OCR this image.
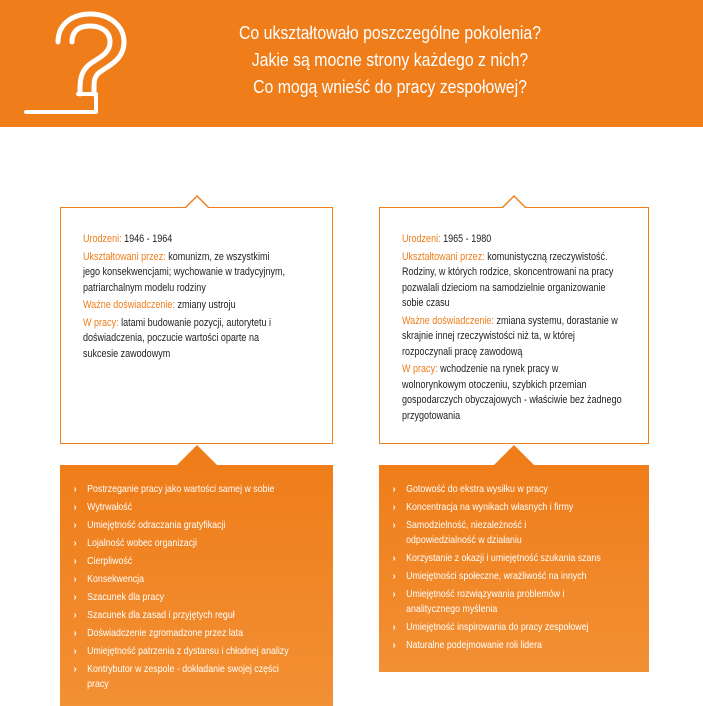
Co ukształtowało poszczególne pokolenia?
Jakie są mocne strony każdego z nich?
Co mogą wnieść do pracy zespołowej?
Urodzeni: 1946 - 1964
Ukształtowani przez: komunizm, ze wszystkimi jego konsekwencjami; wychowanie w tradycyjnym, patriarchalnym modelu rodziny
Ważne doświadczenie: zmiany ustroju
W pracy: latami budowanie pozycji, autorytetu i doświadczenia, poczucie wartości oparte na sukcesie zawodowym
Urodzeni: 1965 - 1980
Ukształtowani przez: komunistyczną rzeczywistość. Rodziny, w których rodzice, skoncentrowani na pracy pozwalali dzieciom na samodzielnie organizowanie sobie czasu
Ważne doświadczenie: zmiana systemu, dorastanie w skrajnie innej rzeczywistości niż ta, w której rozpoczynali pracę zawodową
W pracy: wchodzenie na rynek pracy w wolnorynkowym otoczeniu, szybkich przemian gospodarczych obyczajowych - właściwie bez żadnego przygotowania
› Postrzeganie pracy jako wartości samej w sobie
› Wytrwałość
› Umiejętność odraczania gratyfikacji
› Lojalność wobec organizacji
› Cierpliwość
› Konsekwencja
› Szacunek dla pracy
› Szacunek dla zasad i przyjętych reguł
› Doświadczenie zgromadzone przez lata
› Umiejętność patrzenia z dystansu i chłodnej analizy
› Kontrybutor w zespole - dokładanie swojej części pracy
› Gotowość do ekstra wysiłku w pracy
› Koncentracja na wynikach własnych i firmy
› Samodzielność, niezależność i odpowiedzialność w działaniu
› Korzystanie z okazji i umiejętność szukania szans
› Umiejętności społeczne, wrażliwość na innych
› Umiejętność rozwiązywania problemów i analitycznego myślenia
› Umiejętność inspirowania do pracy zespołowej
› Naturalne podejmowanie roli lidera
